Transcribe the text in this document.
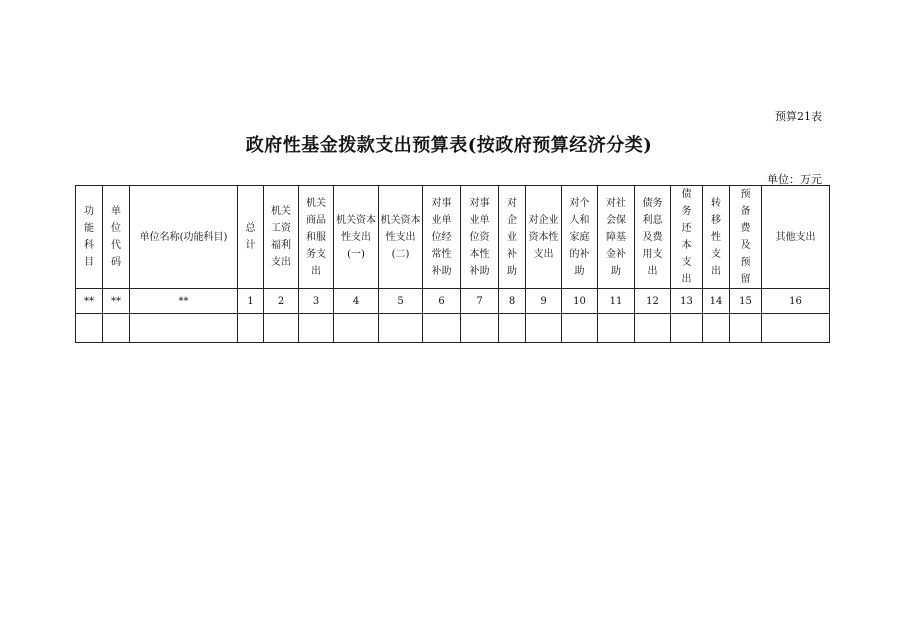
预算21表
政府性基金拨款支出预算表(按政府预算经济分类)
单位：万元
功能科目	单位代码	单位名称(功能科目)	总计	机关工资福利支出	机关商品和服务支出	机关资本性支出(一)	机关资本性支出(二)	对事业单位经常性补助	对事业单位资本性补助	对企业补助	对企业资本性支出	对个人和家庭的补助	对社会保障基金补助	债务利息及费用支出	债务还本支出	转移性支出	预备费及预留	其他支出

**	**	**	1	2	3	4	5	6	7	8	9	10	11	12	13	14	15	16
